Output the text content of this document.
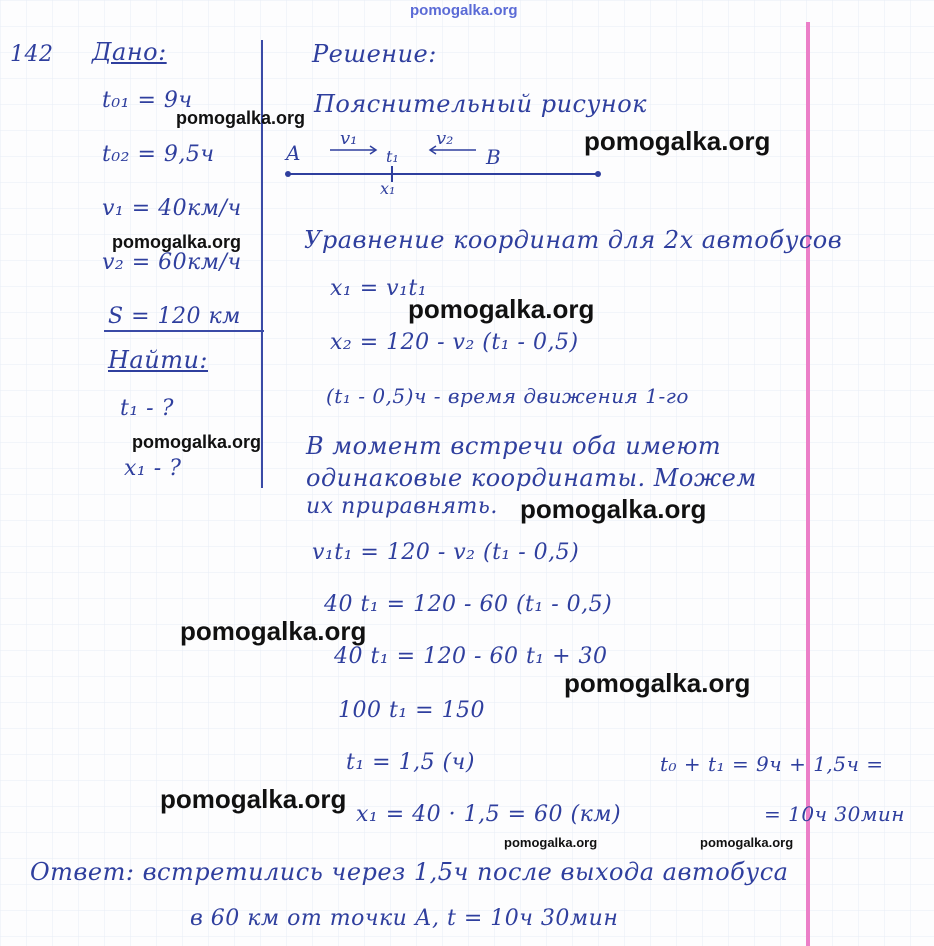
pomogalka.org
142 Дано:
t₀₁ = 9ч
t₀₂ = 9,5ч
v₁ = 40км/ч
v₂ = 60км/ч
S = 120 км
Найти:
t₁ - ?
x₁ - ?
Решение:
Пояснительный рисунок
A	B
v₁	v₂
t₁
x₁
Уравнение координат для 2х автобусов
x₁ = v₁t₁
x₂ = 120 - v₂ (t₁ - 0,5)
(t₁ - 0,5)ч - время движения 1-го
В момент встречи оба имеют
одинаковые координаты. Можем
их приравнять.
v₁t₁ = 120 - v₂ (t₁ - 0,5)
40 t₁ = 120 - 60 (t₁ - 0,5)
40 t₁ = 120 - 60 t₁ + 30
100 t₁ = 150
t₁ = 1,5 (ч)
x₁ = 40 · 1,5 = 60 (км)
t₀ + t₁ = 9ч + 1,5ч =
= 10ч 30мин
Ответ: встретились через 1,5ч после выхода автобуса
в 60 км от точки А, t = 10ч 30мин
pomogalka.org
pomogalka.org
pomogalka.org
pomogalka.org
pomogalka.org
pomogalka.org
pomogalka.org
pomogalka.org
pomogalka.org
pomogalka.org	pomogalka.org
